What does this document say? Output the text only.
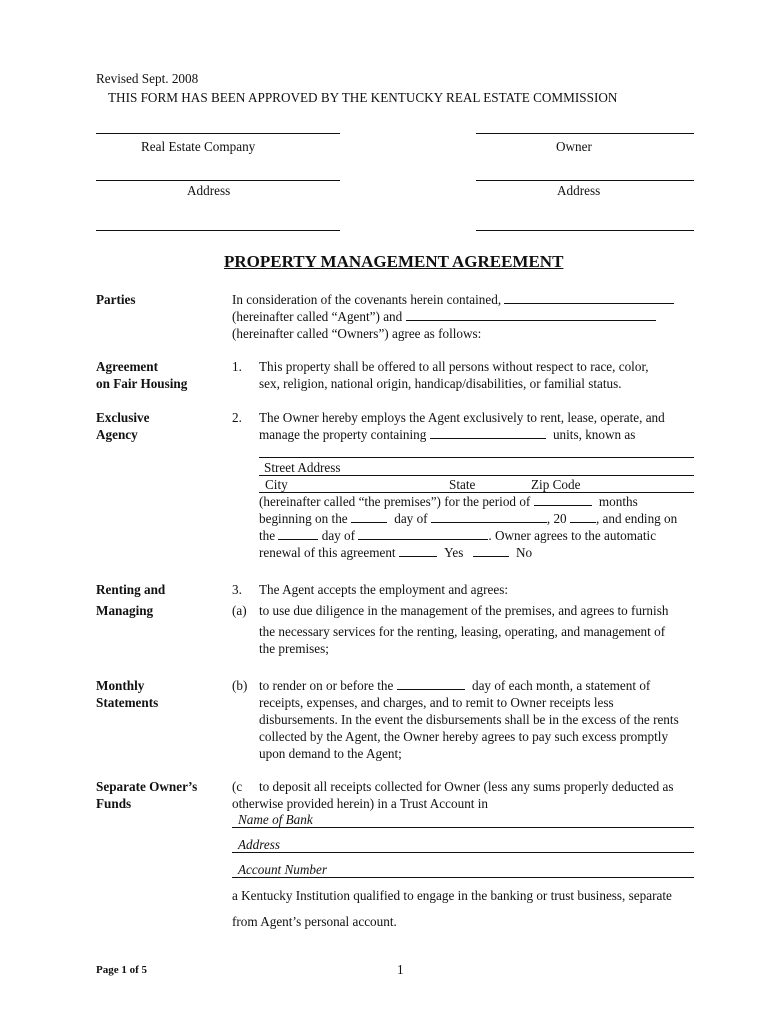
Revised Sept. 2008
THIS FORM HAS BEEN APPROVED BY THE KENTUCKY REAL ESTATE COMMISSION
Real Estate Company	Owner
Address	Address
PROPERTY MANAGEMENT AGREEMENT
Parties	In consideration of the covenants herein contained,
(hereinafter called “Agent”) and
(hereinafter called “Owners”) agree as follows:
Agreement
on Fair Housing
1. This property shall be offered to all persons without respect to race, color,
sex, religion, national origin, handicap/disabilities, or familial status.
Exclusive
Agency
2. The Owner hereby employs the Agent exclusively to rent, lease, operate, and
manage the property containing	units, known as
Street Address
City	State	Zip Code
(hereinafter called “the premises”) for the period of	months
beginning on the	day of	, 20 , and ending on
the	day of	. Owner agrees to the automatic
renewal of this agreement	Yes	No
Renting and
Managing
3. The Agent accepts the employment and agrees:
(a) to use due diligence in the management of the premises, and agrees to furnish
the necessary services for the renting, leasing, operating, and management of
the premises;
Monthly
Statements
(b) to render on or before the	day of each month, a statement of
receipts, expenses, and charges, and to remit to Owner receipts less
disbursements. In the event the disbursements shall be in the excess of the rents
collected by the Agent, the Owner hereby agrees to pay such excess promptly
upon demand to the Agent;
Separate Owner’s
Funds
(c to deposit all receipts collected for Owner (less any sums properly deducted as
otherwise provided herein) in a Trust Account in
Name of Bank
Address
Account Number
a Kentucky Institution qualified to engage in the banking or trust business, separate
from Agent’s personal account.
Page 1 of 5	1
